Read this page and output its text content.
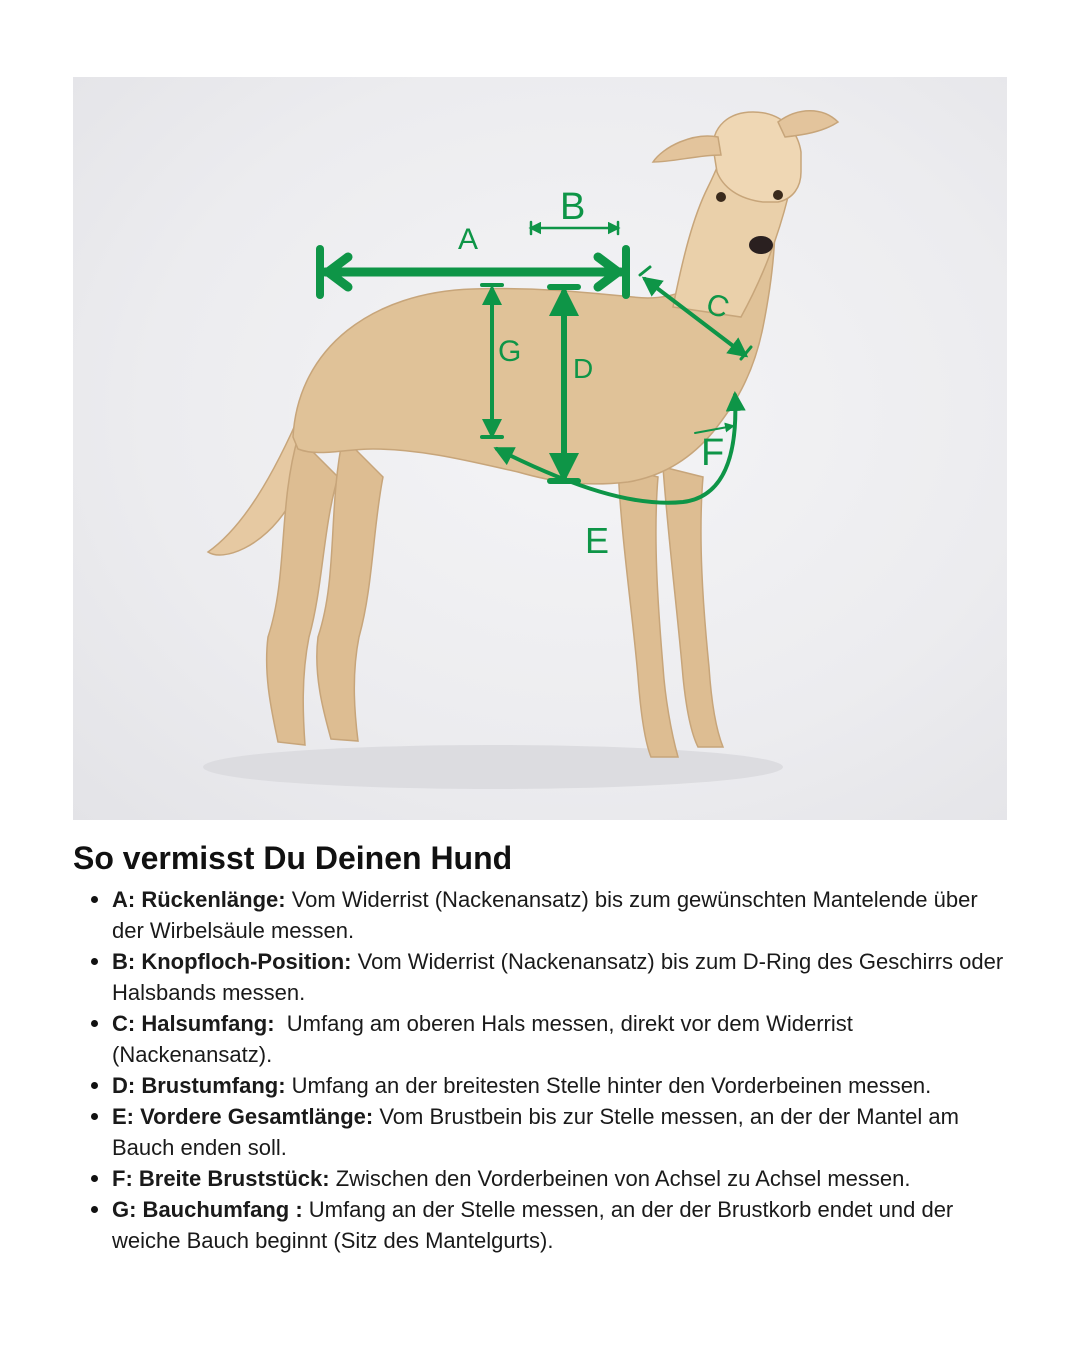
A
B
C
D
E
F
G
So vermisst Du Deinen Hund
A: Rückenlänge: Vom Widerrist (Nackenansatz) bis zum gewünschten Mantelende über der Wirbelsäule messen.
B: Knopfloch-Position: Vom Widerrist (Nackenansatz) bis zum D-Ring des Geschirrs oder Halsbands messen.
C: Halsumfang:  Umfang am oberen Hals messen, direkt vor dem Widerrist (Nackenansatz).
D: Brustumfang: Umfang an der breitesten Stelle hinter den Vorderbeinen messen.
E: Vordere Gesamtlänge: Vom Brustbein bis zur Stelle messen, an der der Mantel am Bauch enden soll.
F: Breite Bruststück: Zwischen den Vorderbeinen von Achsel zu Achsel messen.
G: Bauchumfang : Umfang an der Stelle messen, an der der Brustkorb endet und der weiche Bauch beginnt (Sitz des Mantelgurts).
